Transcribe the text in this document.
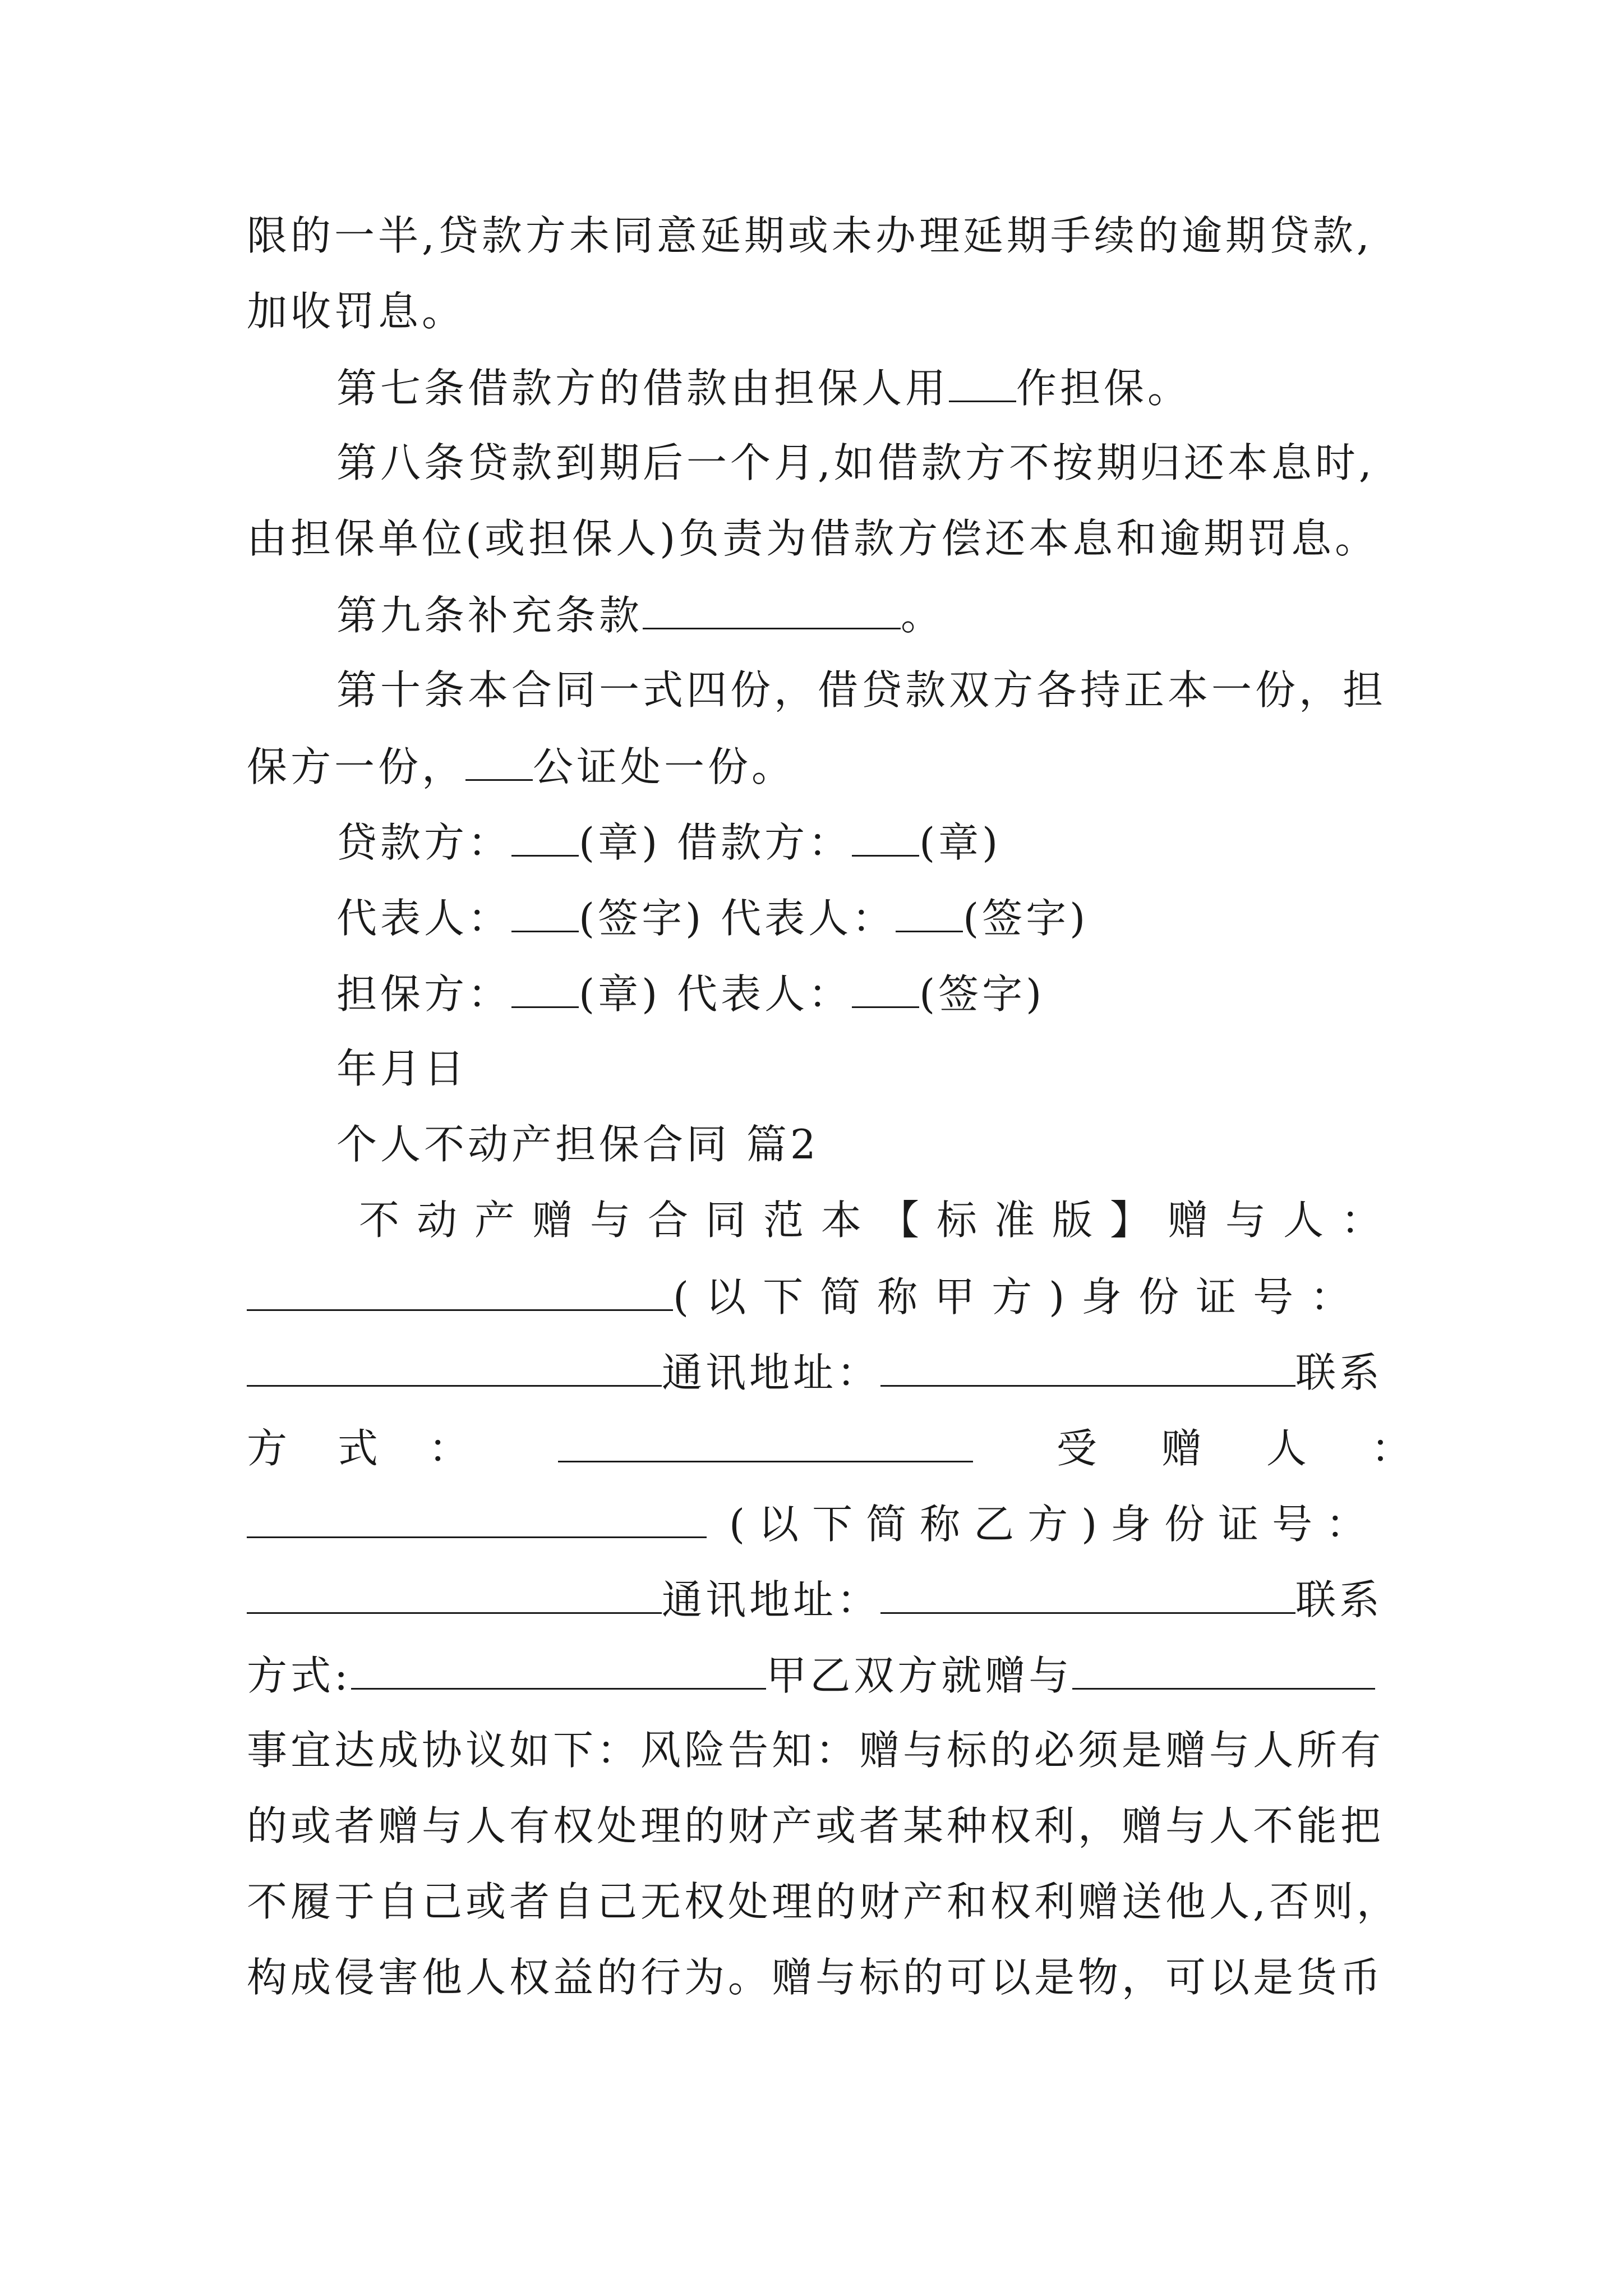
限的一半,贷款方未同意延期或未办理延期手续的逾期贷款,
加收罚息。
第七条借款方的借款由担保人用 作担保。
第八条贷款到期后一个月,如借款方不按期归还本息时,
由担保单位(或担保人)负责为借款方偿还本息和逾期罚息。
第九条补充条款	。
第十条本合同一式四份，借贷款双方各持正本一份，担
保方一份， 公证处一份。
贷款方： (章) 借款方： (章)
代表人： (签字) 代表人： (签字)
担保方： (章) 代表人： (签字)
年月日
个人不动产担保合同 篇2
不动产赠与合同范本【标准版】赠与人：
(以下简称甲方)身份证号：
通讯地址：	联系
方式：	受赠人：
(以下简称乙方)身份证号：
通讯地址：	联系
方式:	甲乙双方就赠与
事宜达成协议如下：风险告知：赠与标的必须是赠与人所有
的或者赠与人有权处理的财产或者某种权利，赠与人不能把
不履于自己或者自己无权处理的财产和权利赠送他人,否则，
构成侵害他人权益的行为。赠与标的可以是物，可以是货币
